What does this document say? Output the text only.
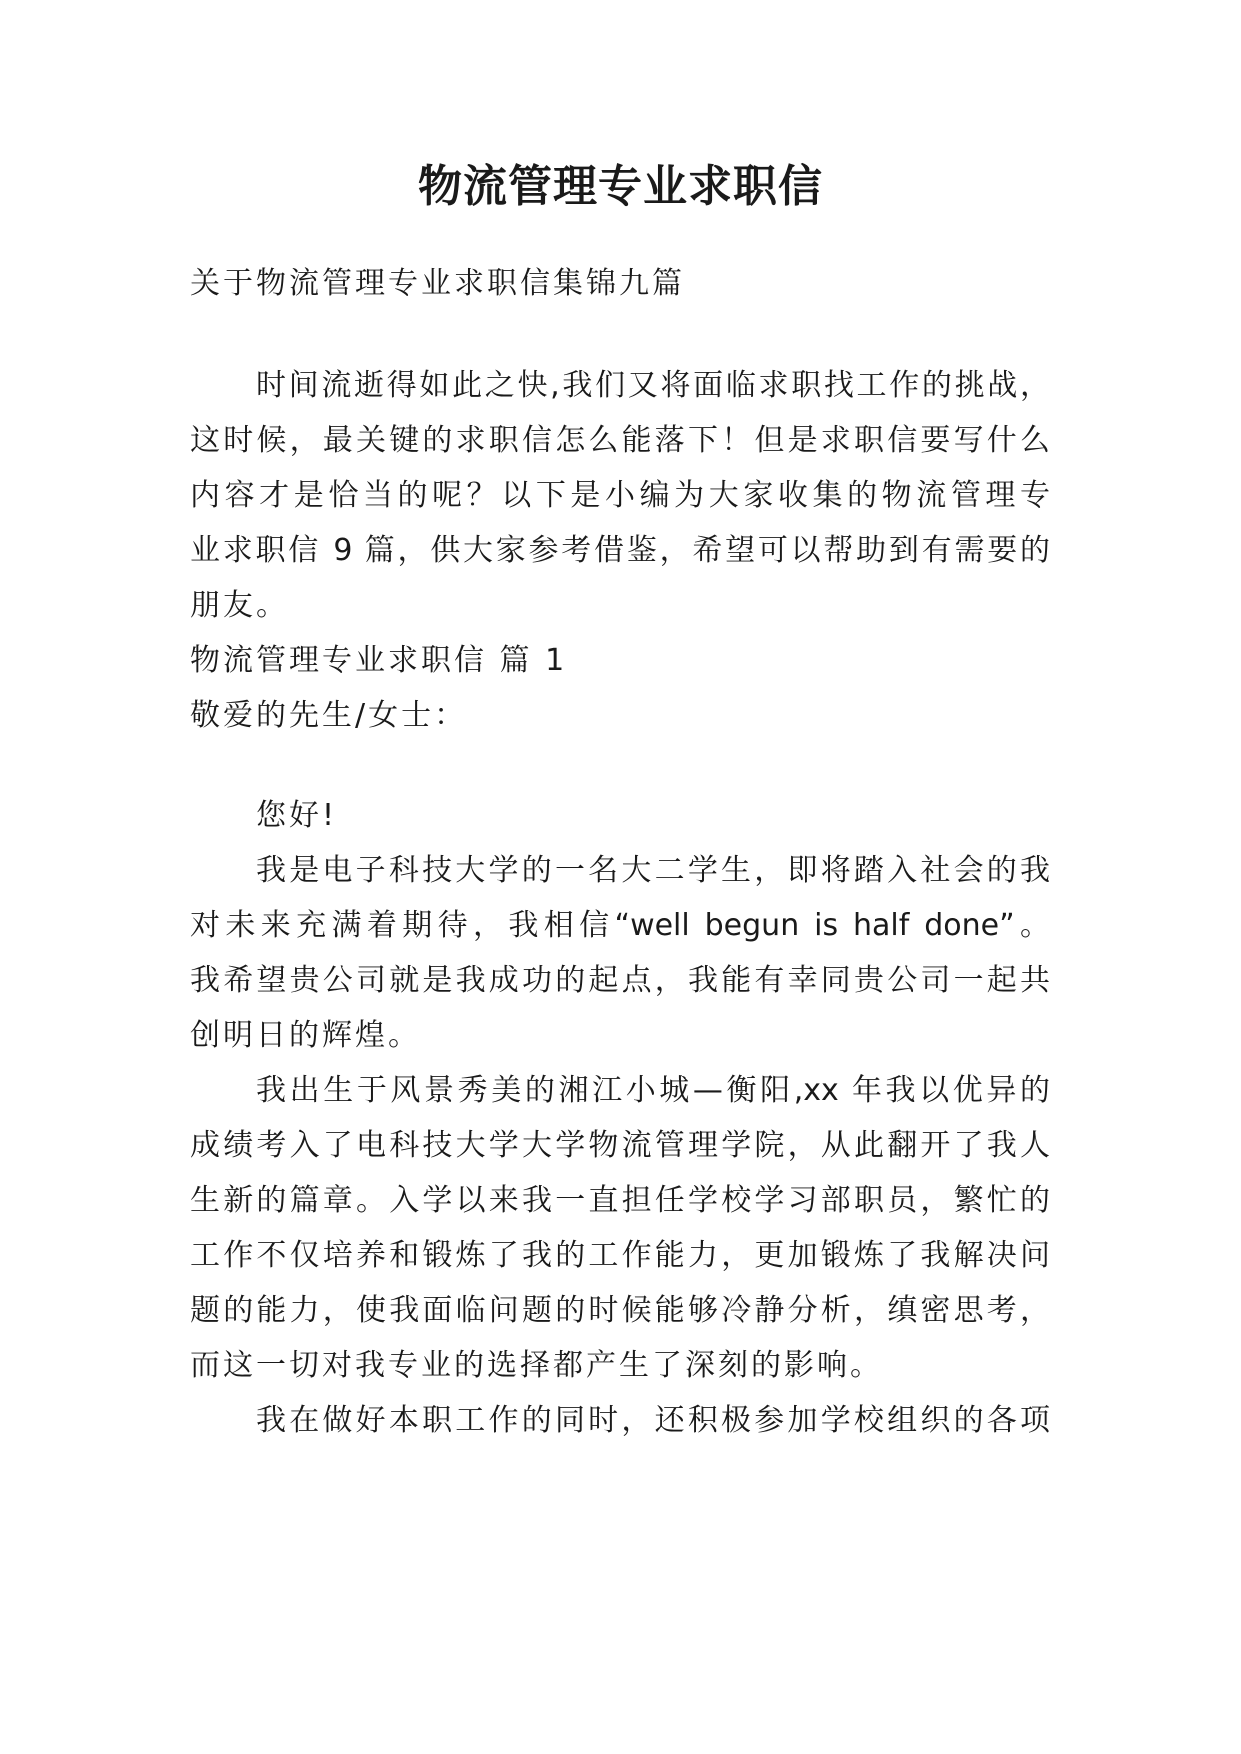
物流管理专业求职信
关于物流管理专业求职信集锦九篇
时间流逝得如此之快,我们又将面临求职找工作的挑战，
这时候，最关键的求职信怎么能落下！但是求职信要写什么
内容才是恰当的呢？以下是小编为大家收集的物流管理专
业求职信 9 篇，供大家参考借鉴，希望可以帮助到有需要的
朋友。
物流管理专业求职信 篇 1
敬爱的先生/女士：
您好!
我是电子科技大学的一名大二学生，即将踏入社会的我
对未来充满着期待，我相信“well begun is half done”。
我希望贵公司就是我成功的起点，我能有幸同贵公司一起共
创明日的辉煌。
我出生于风景秀美的湘江小城—衡阳,xx 年我以优异的
成绩考入了电科技大学大学物流管理学院，从此翻开了我人
生新的篇章。入学以来我一直担任学校学习部职员，繁忙的
工作不仅培养和锻炼了我的工作能力，更加锻炼了我解决问
题的能力，使我面临问题的时候能够冷静分析，缜密思考，
而这一切对我专业的选择都产生了深刻的影响。
我在做好本职工作的同时，还积极参加学校组织的各项
